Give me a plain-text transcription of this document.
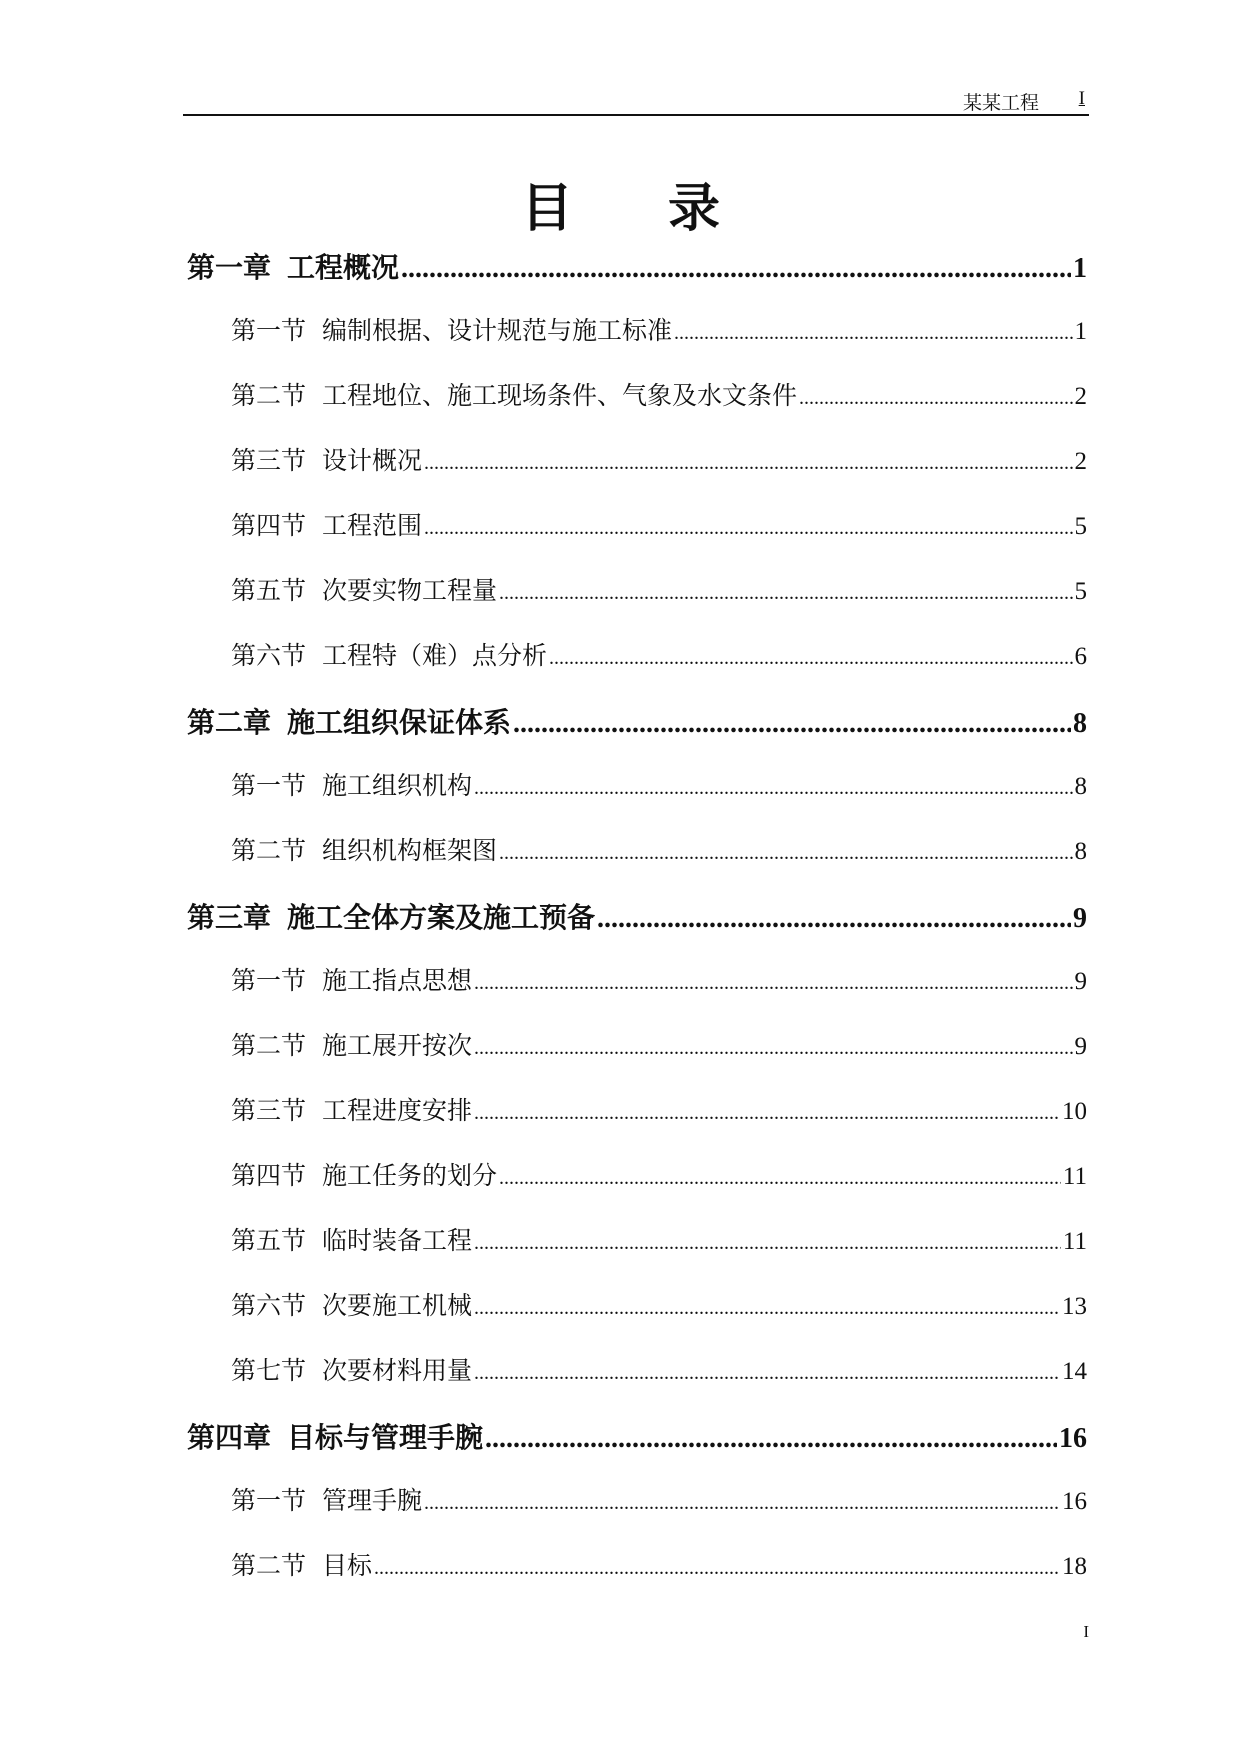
某某工程 I
目录
第一章 工程概况 .....	1
第一节 编制根据、设计规范与施工标准 .....	1
第二节 工程地位、施工现场条件、气象及水文条件 .....	2
第三节 设计概况 .....	2
第四节 工程范围 .....	5
第五节 次要实物工程量 .....	5
第六节 工程特（难）点分析 .....	6
第二章 施工组织保证体系 .....	8
第一节 施工组织机构 .....	8
第二节 组织机构框架图 .....	8
第三章 施工全体方案及施工预备 .....	9
第一节 施工指点思想 .....	9
第二节 施工展开按次 .....	9
第三节 工程进度安排 .....	10
第四节 施工任务的划分 .....	11
第五节 临时装备工程 .....	11
第六节 次要施工机械 .....	13
第七节 次要材料用量 .....	14
第四章 目标与管理手腕 .....	16
第一节 管理手腕 .....	16
第二节 目标 .....	18
I
